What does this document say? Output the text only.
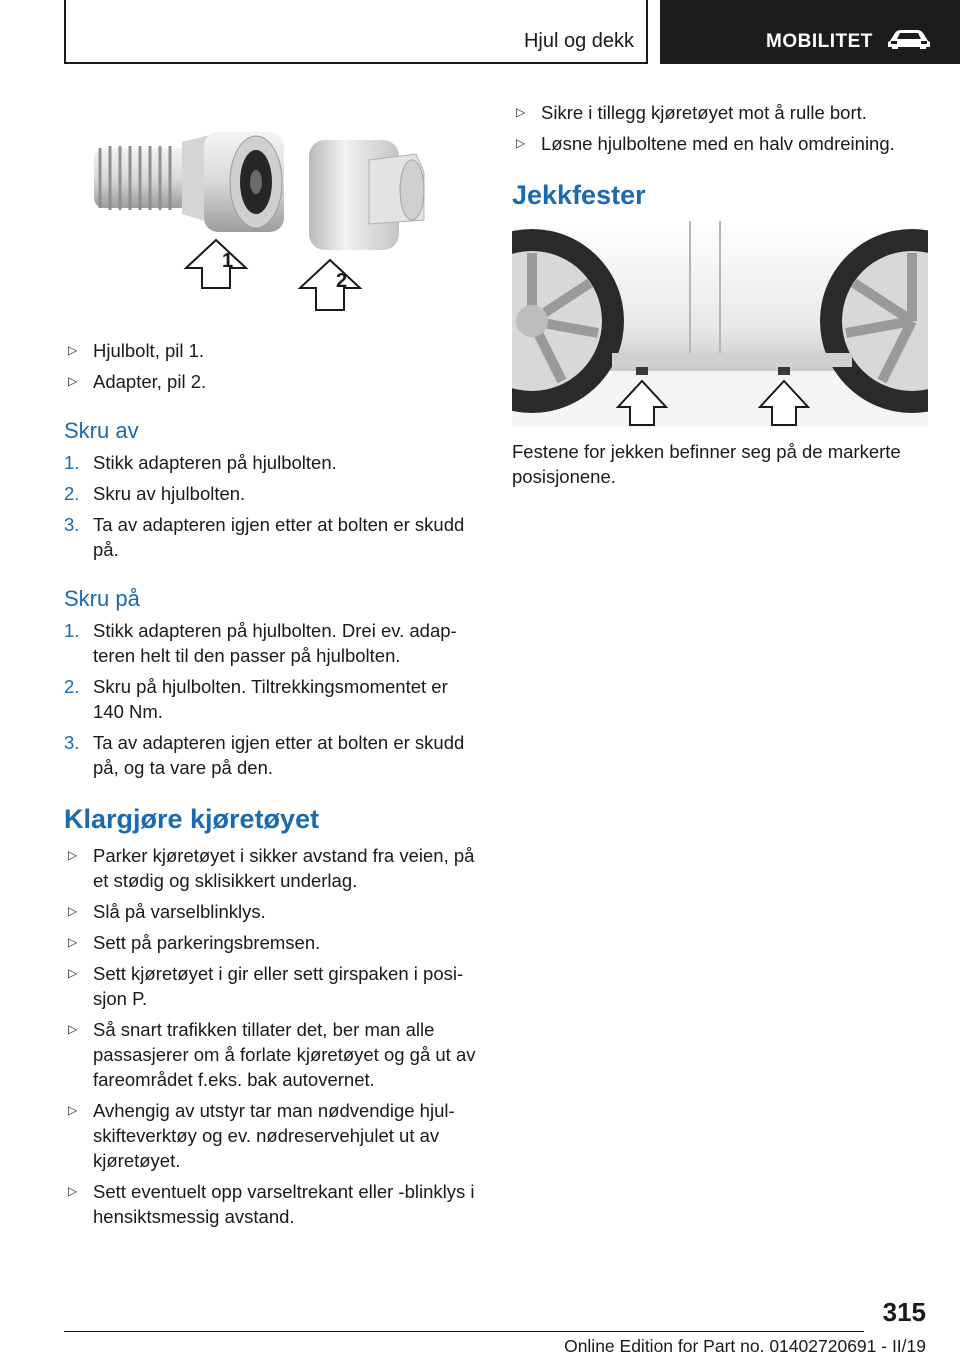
Hjul og dekk	MOBILITET
1
2
▷ Hjulbolt, pil 1.
▷ Adapter, pil 2.
Skru av
1. Stikk adapteren på hjulbolten.
2. Skru av hjulbolten.
3. Ta av adapteren igjen etter at bolten er skudd på.
Skru på
1. Stikk adapteren på hjulbolten. Drei ev. adap‐teren helt til den passer på hjulbolten.
2. Skru på hjulbolten. Tiltrekkingsmomentet er 140 Nm.
3. Ta av adapteren igjen etter at bolten er skudd på, og ta vare på den.
Klargjøre kjøretøyet
▷ Parker kjøretøyet i sikker avstand fra veien, på et stødig og sklisikkert underlag.
▷ Slå på varselblinklys.
▷ Sett på parkeringsbremsen.
▷ Sett kjøretøyet i gir eller sett girspaken i posi‐sjon P.
▷ Så snart trafikken tillater det, ber man alle passasjerer om å forlate kjøretøyet og gå ut av fareområdet f.eks. bak autovernet.
▷ Avhengig av utstyr tar man nødvendige hjul‐skifteverktøy og ev. nødreservehjulet ut av kjøretøyet.
▷ Sett eventuelt opp varseltrekant eller -blinklys i hensiktsmessig avstand.
▷ Sikre i tillegg kjøretøyet mot å rulle bort.
▷ Løsne hjulboltene med en halv omdreining.
Jekkfester
Festene for jekken befinner seg på de markerte posisjonene.
315
Online Edition for Part no. 01402720691 - II/19
